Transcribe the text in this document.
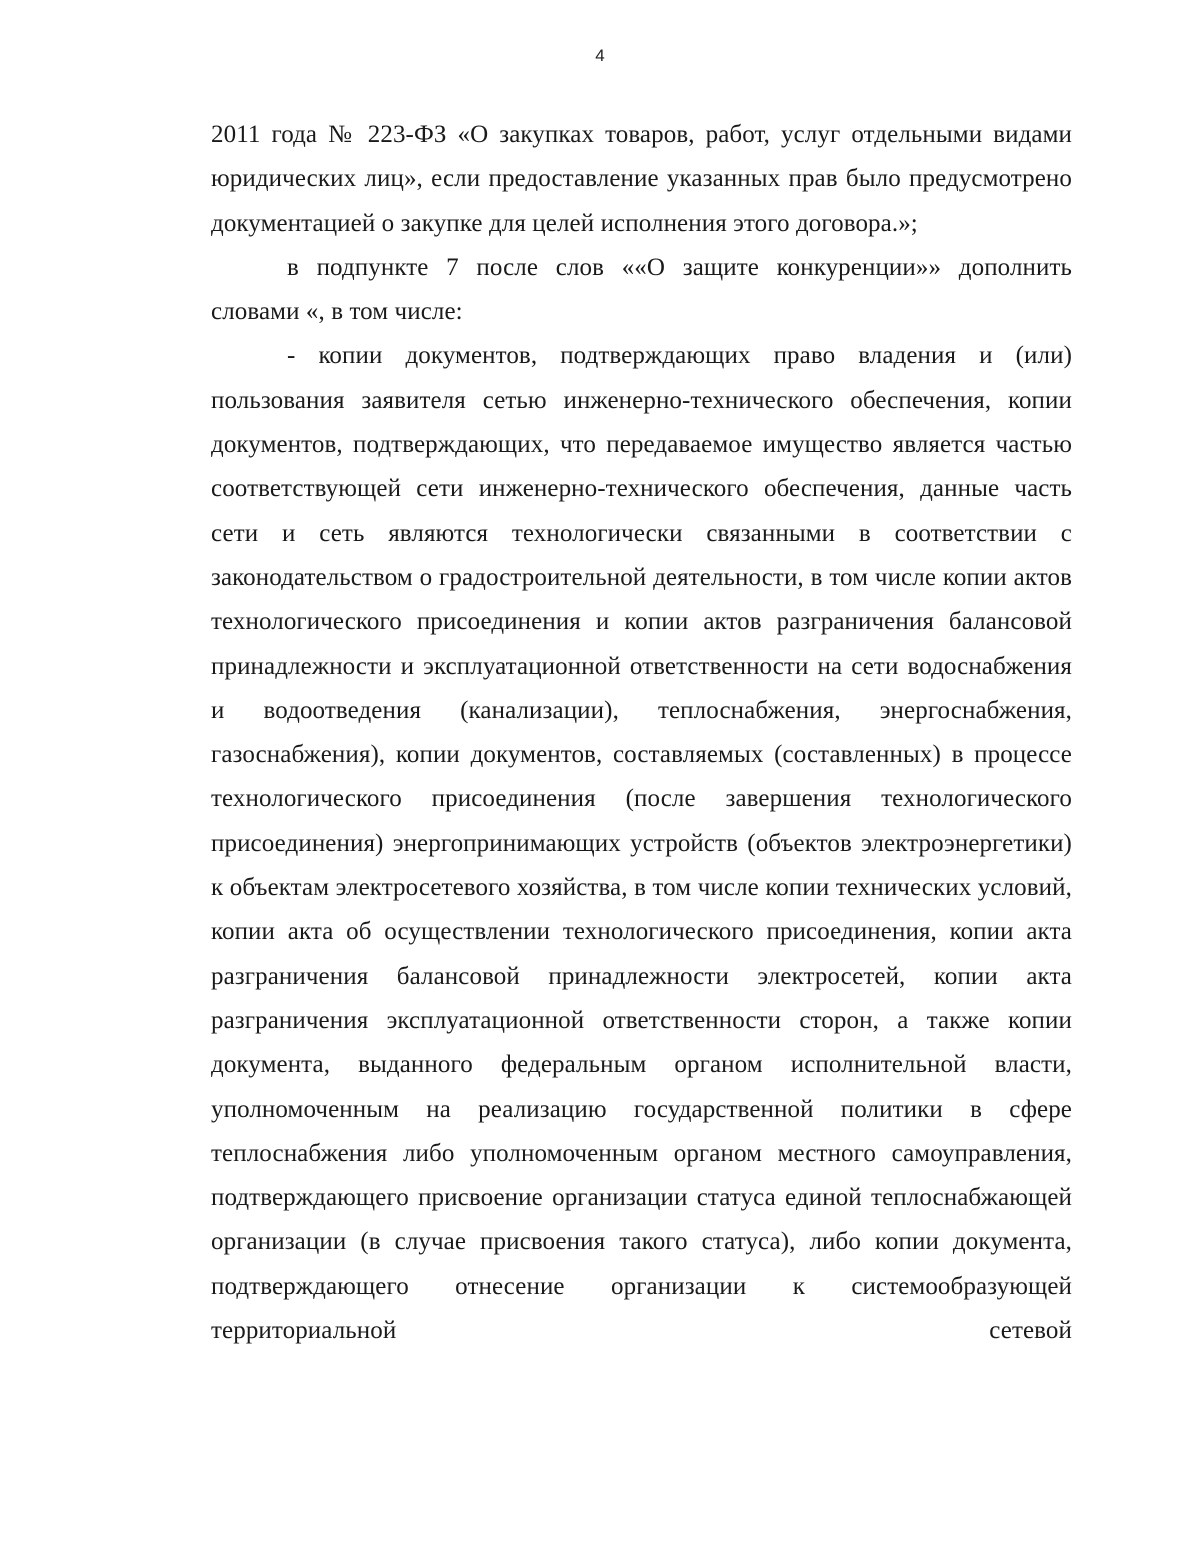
4

2011 года № 223-ФЗ «О закупках товаров, работ, услуг отдельными видами юридических лиц», если предоставление указанных прав было предусмотрено документацией о закупке для целей исполнения этого договора.»;

в подпункте 7 после слов ««О защите конкуренции»» дополнить словами «, в том числе:

- копии документов, подтверждающих право владения и (или) пользования заявителя сетью инженерно-технического обеспечения, копии документов, подтверждающих, что передаваемое имущество является частью соответствующей сети инженерно-технического обеспечения, данные часть сети и сеть являются технологически связанными в соответствии с законодательством о градостроительной деятельности, в том числе копии актов технологического присоединения и копии актов разграничения балансовой принадлежности и эксплуатационной ответственности на сети водоснабжения и водоотведения (канализации), теплоснабжения, энергоснабжения, газоснабжения), копии документов, составляемых (составленных) в процессе технологического присоединения (после завершения технологического присоединения) энергопринимающих устройств (объектов электроэнергетики) к объектам электросетевого хозяйства, в том числе копии технических условий, копии акта об осуществлении технологического присоединения, копии акта разграничения балансовой принадлежности электросетей, копии акта разграничения эксплуатационной ответственности сторон, а также копии документа, выданного федеральным органом исполнительной власти, уполномоченным на реализацию государственной политики в сфере теплоснабжения либо уполномоченным органом местного самоуправления, подтверждающего присвоение организации статуса единой теплоснабжающей организации (в случае присвоения такого статуса), либо копии документа, подтверждающего отнесение организации к системообразующей территориальной сетевой
